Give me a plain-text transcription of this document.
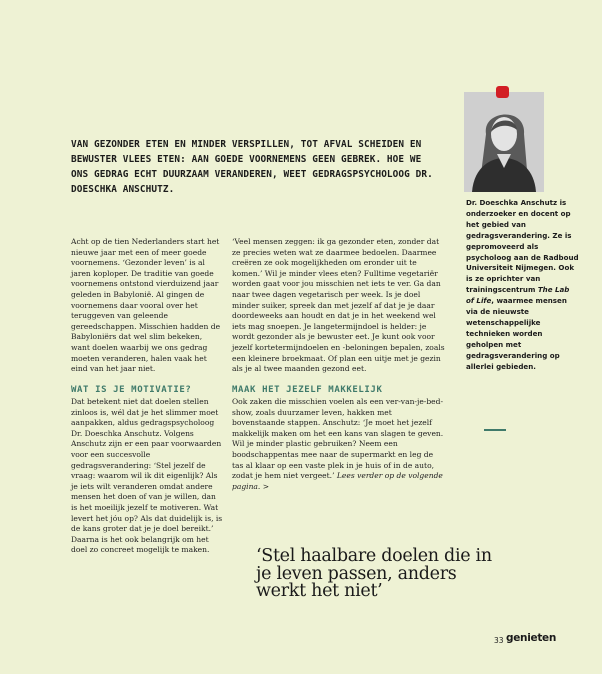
VAN GEZONDER ETEN EN MINDER VERSPILLEN, TOT AFVAL SCHEIDEN EN BEWUSTER VLEES ETEN: AAN GOEDE VOORNEMENS GEEN GEBREK. HOE WE ONS GEDRAG ECHT DUURZAAM VERANDEREN, WEET GEDRAGSPSYCHOLOOG DR. DOESCHKA ANSCHUTZ.

Dr. Doeschka Anschutz is onderzoeker en docent op het gebied van gedragsverandering. Ze is gepromoveerd als psycholoog aan de Radboud Universiteit Nijmegen. Ook is ze oprichter van trainingscentrum The Lab of Life, waarmee mensen via de nieuwste wetenschappelijke technieken worden geholpen met gedragsverandering op allerlei gebieden.

Acht op de tien Nederlanders start het nieuwe jaar met een of meer goede voornemens. ‘Gezonder leven’ is al jaren koploper. De traditie van goede voornemens ontstond vierduizend jaar geleden in Babylonië. Al gingen de voornemens daar vooral over het teruggeven van geleende gereedschappen. Misschien hadden de Babyloniërs dat wel slim bekeken, want doelen waarbij we ons gedrag moeten veranderen, halen vaak het eind van het jaar niet.

WAT IS JE MOTIVATIE?

Dat betekent niet dat doelen stellen zinloos is, wél dat je het slimmer moet aanpakken, aldus gedragspsycholoog Dr. Doeschka Anschutz. Volgens Anschutz zijn er een paar voorwaarden voor een succesvolle gedragsverandering: ‘Stel jezelf de vraag: waarom wil ik dit eigenlijk? Als je iets wilt veranderen omdat andere mensen het doen of van je willen, dan is het moeilijk jezelf te motiveren. Wat levert het jóu op? Als dat duidelijk is, is de kans groter dat je je doel bereikt.’ Daarna is het ook belangrijk om het doel zo concreet mogelijk te maken.

‘Veel mensen zeggen: ik ga gezonder eten, zonder dat ze precies weten wat ze daarmee bedoelen. Daarmee creëren ze ook mogelijkheden om eronder uit te komen.’ Wil je minder vlees eten? Fulltime vegetariër worden gaat voor jou misschien net iets te ver. Ga dan naar twee dagen vegetarisch per week. Is je doel minder suiker, spreek dan met jezelf af dat je je daar doordeweeks aan houdt en dat je in het weekend wel iets mag snoepen. Je langetermijndoel is helder: je wordt gezonder als je bewuster eet. Je kunt ook voor jezelf kortetermijndoelen en -beloningen bepalen, zoals een kleinere broekmaat. Of plan een uitje met je gezin als je al twee maanden gezond eet.

MAAK HET JEZELF MAKKELIJK

Ook zaken die misschien voelen als een ver-van-je-bed-show, zoals duurzamer leven, hakken met bovenstaande stappen. Anschutz: ‘Je moet het jezelf makkelijk maken om het een kans van slagen te geven. Wil je minder plastic gebruiken? Neem een boodschappentas mee naar de supermarkt en leg de tas al klaar op een vaste plek in je huis of in de auto, zodat je hem niet vergeet.’ Lees verder op de volgende pagina. >

‘Stel haalbare doelen die in je leven passen, anders werkt het niet’

33 genieten
